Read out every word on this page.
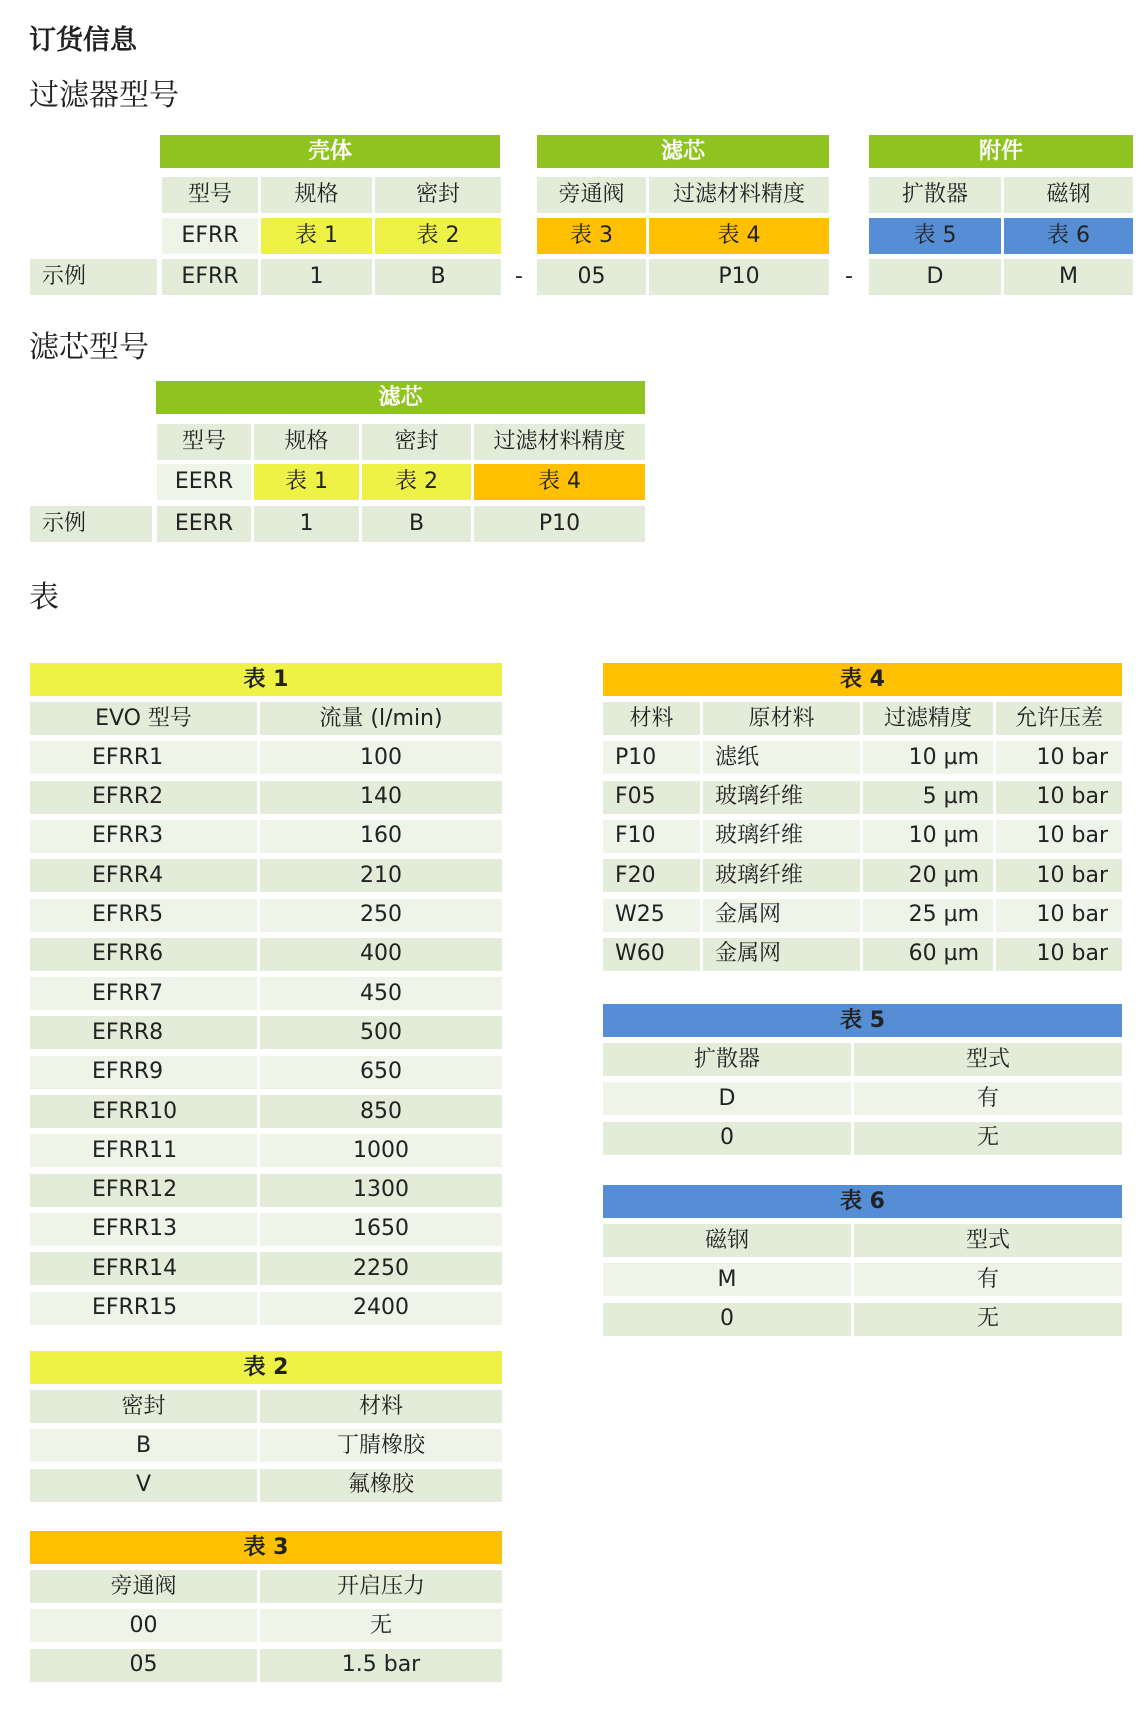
订货信息
过滤器型号
滤芯型号
表
壳体	滤芯	附件
型号	规格	密封	旁通阀	过滤材料精度	扩散器	磁钢
EFRR	表 1	表 2	表 3	表 4	表 5	表 6
示例	EFRR	1	B	-	05	P10	-	D	M
滤芯
型号	规格	密封	过滤材料精度
EERR	表 1	表 2	表 4
示例	EERR	1	B	P10
表 1
EVO 型号	流量 (l/min)
EFRR1	100
EFRR2	140
EFRR3	160
EFRR4	210
EFRR5	250
EFRR6	400
EFRR7	450
EFRR8	500
EFRR9	650
EFRR10	850
EFRR11	1000
EFRR12	1300
EFRR13	1650
EFRR14	2250
EFRR15	2400
表 2
密封	材料
B	丁腈橡胶
V	氟橡胶
表 3
旁通阀	开启压力
00	无
05	1.5 bar
表 4
材料	原材料	过滤精度	允许压差
P10	滤纸	10 µm	10 bar
F05	玻璃纤维	5 µm	10 bar
F10	玻璃纤维	10 µm	10 bar
F20	玻璃纤维	20 µm	10 bar
W25	金属网	25 µm	10 bar
W60	金属网	60 µm	10 bar
表 5
扩散器	型式
D	有
0	无
表 6
磁钢	型式
M	有
0	无
